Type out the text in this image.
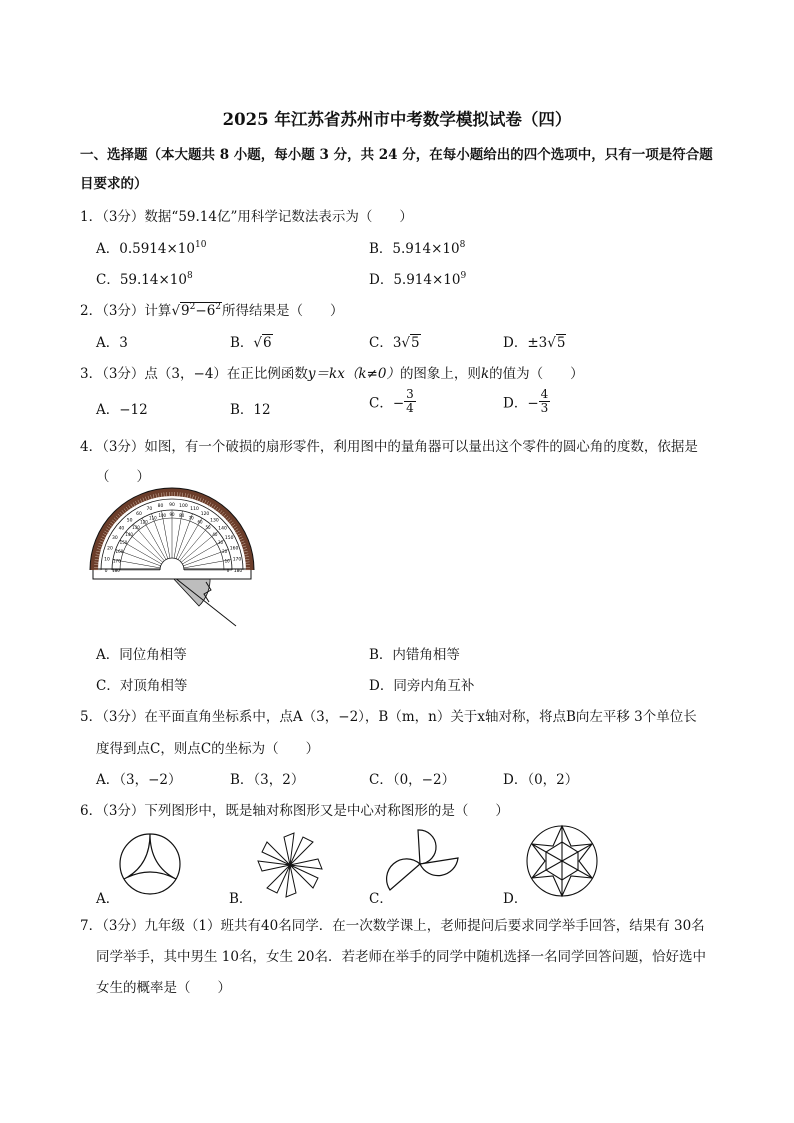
2025 年江苏省苏州市中考数学模拟试卷（四）
一、选择题（本大题共 8 小题，每小题 3 分，共 24 分，在每小题给出的四个选项中，只有一项是符合题
目要求的）
1．（3分）数据“59.14亿”用科学记数法表示为（　　）
A．$0.5914\times 10^{10}$	B．$5.914\times 10^8$
C．$59.14\times 10^8$	D．$5.914\times 10^9$
2．（3分）计算$√9^2-6^2$所得结果是（　　）
A．3	B．√6	C．3√5	D．±3√5
3．（3分）点（3，−4）在正比例函数y＝kx（k≠0）的图象上，则k的值为（　　）
A．−12	B．12	C．− $\frac{3}{4}$	D．− $\frac{4}{3}$
4．（3分）如图，有一个破损的扇形零件，利用图中的量角器可以量出这个零件的圆心角的度数，依据是
（　　）
0
10
20
30
40
50
60
70
80 90 100
110
120
130
140
150
160
170
180
180
170
160
150
140
130
120
110
100 90 80
70
60
50
40
30
20
10
0
A．同位角相等	B．内错角相等
C．对顶角相等	D．同旁内角互补
5．（3分）在平面直角坐标系中，点A（3，−2），B（m，n）关于x轴对称，将点B向左平移 3个单位长
度得到点C，则点C的坐标为（　　）
A．（3，−2）	B．（3，2）	C．（0，−2）	D．（0，2）
6．（3分）下列图形中，既是轴对称图形又是中心对称图形的是（　　）
A．	B．	C．	D．
7．（3分）九年级（1）班共有40名同学．在一次数学课上，老师提问后要求同学举手回答，结果有 30名
同学举手，其中男生 10名，女生 20名．若老师在举手的同学中随机选择一名同学回答问题，恰好选中
女生的概率是（　　）
